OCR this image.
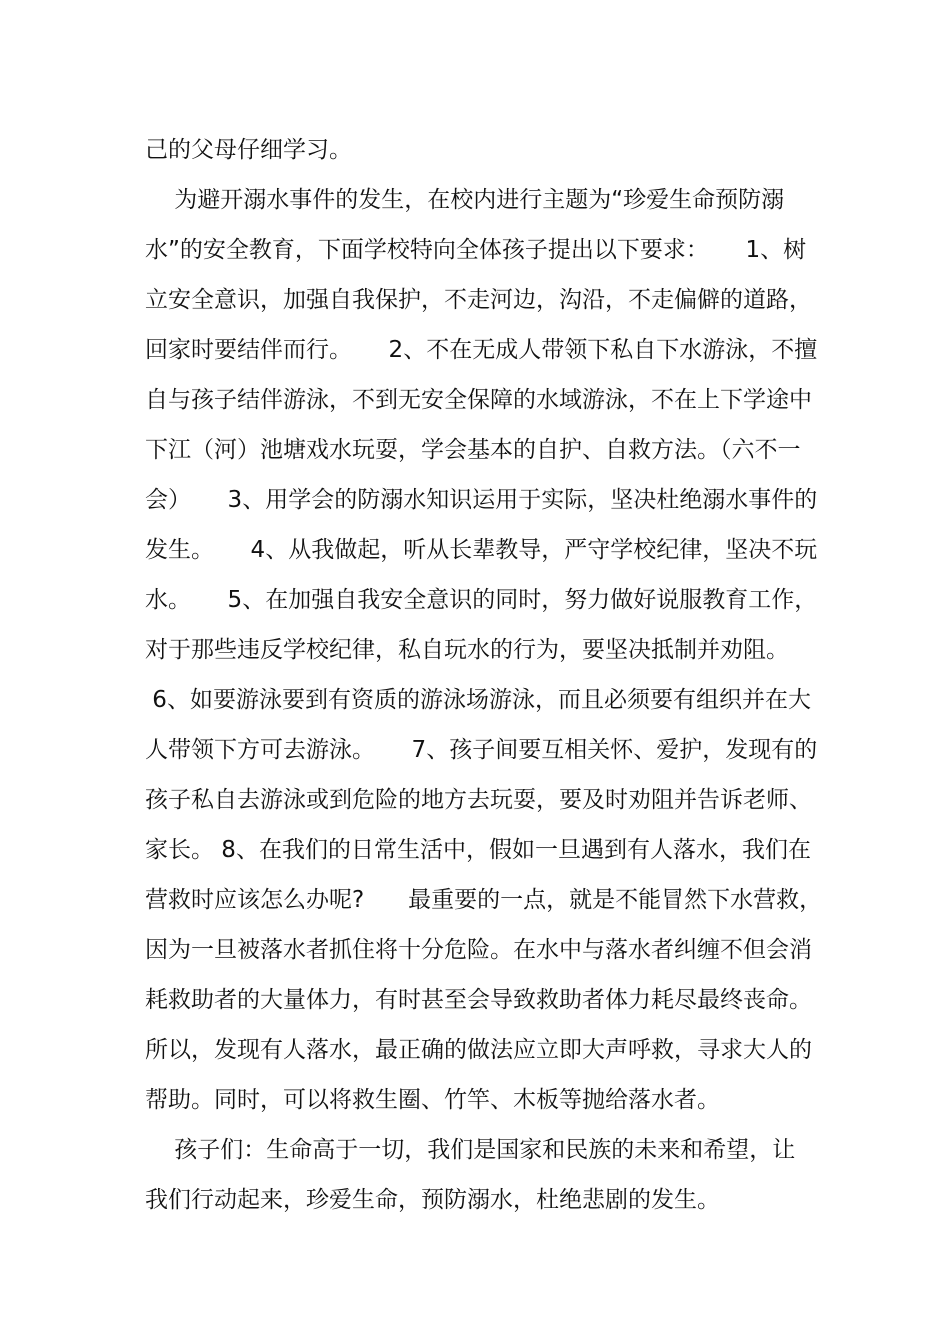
己的父母仔细学习。
为避开溺水事件的发生，在校内进行主题为“珍爱生命预防溺
水”的安全教育，下面学校特向全体孩子提出以下要求：     1、树
立安全意识，加强自我保护，不走河边，沟沿，不走偏僻的道路，
回家时要结伴而行。     2、不在无成人带领下私自下水游泳，不擅
自与孩子结伴游泳，不到无安全保障的水域游泳，不在上下学途中
下江（河）池塘戏水玩耍，学会基本的自护、自救方法。（六不一
会）     3、用学会的防溺水知识运用于实际，坚决杜绝溺水事件的
发生。     4、从我做起，听从长辈教导，严守学校纪律，坚决不玩
水。     5、在加强自我安全意识的同时，努力做好说服教育工作，
对于那些违反学校纪律，私自玩水的行为，要坚决抵制并劝阻。
6、如要游泳要到有资质的游泳场游泳，而且必须要有组织并在大
人带领下方可去游泳。     7、孩子间要互相关怀、爱护，发现有的
孩子私自去游泳或到危险的地方去玩耍，要及时劝阻并告诉老师、
家长。 8、在我们的日常生活中，假如一旦遇到有人落水，我们在
营救时应该怎么办呢?      最重要的一点，就是不能冒然下水营救，
因为一旦被落水者抓住将十分危险。在水中与落水者纠缠不但会消
耗救助者的大量体力，有时甚至会导致救助者体力耗尽最终丧命。
所以，发现有人落水，最正确的做法应立即大声呼救，寻求大人的
帮助。同时，可以将救生圈、竹竿、木板等抛给落水者。
孩子们：生命高于一切，我们是国家和民族的未来和希望，让
我们行动起来，珍爱生命，预防溺水，杜绝悲剧的发生。
